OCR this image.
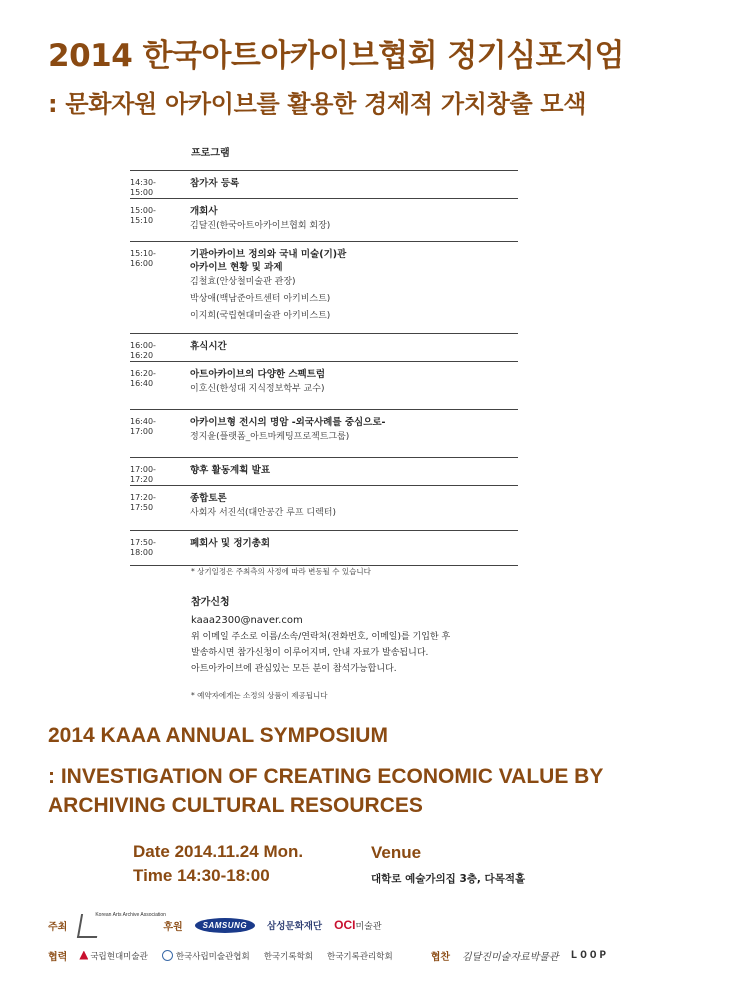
2014 한국아트아카이브협회 정기심포지엄
: 문화자원 아카이브를 활용한 경제적 가치창출 모색
프로그램
14:30-
15:00
참가자 등록
15:00-
15:10
개회사
김달진(한국아트아카이브협회 회장)
15:10-
16:00
기관아카이브 정의와 국내 미술(기)관
아카이브 현황 및 과제
김철효(안상철미술관 관장)
박상애(백남준아트센터 아키비스트)
이지희(국립현대미술관 아키비스트)
16:00-
16:20
휴식시간
16:20-
16:40
아트아카이브의 다양한 스펙트럼
이호신(한성대 지식정보학부 교수)
16:40-
17:00
아카이브형 전시의 명암 -외국사례를 중심으로-
정지윤(플랫폼_아트마케팅프로젝트그룹)
17:00-
17:20
향후 활동계획 발표
17:20-
17:50
종합토론
사회자 서진석(대안공간 루프 디렉터)
17:50-
18:00
폐회사 및 정기총회
* 상기일정은 주최측의 사정에 따라 변동될 수 있습니다
참가신청
kaaa2300@naver.com
위 이메일 주소로 이름/소속/연락처(전화번호, 이메일)를 기입한 후
발송하시면 참가신청이 이루어지며, 안내 자료가 발송됩니다.
아트아카이브에 관심있는 모든 분이 참석가능합니다.
* 예약자에게는 소정의 상품이 제공됩니다
2014 KAAA ANNUAL SYMPOSIUM
: INVESTIGATION OF CREATING ECONOMIC VALUE BY ARCHIVING CULTURAL RESOURCES
Date 2014.11.24 Mon.
Time 14:30-18:00
Venue
대학로 예술가의집 3층, 다목적홀
주최
Korean Arts Archive Association
후원	SAMSUNG	삼성문화재단 OCI 미술관
협력	국립현대미술관	한국사립미술관협회 한국기록학회 한국기록관리학회	협찬 김달진미술자료박물관 LOOP
